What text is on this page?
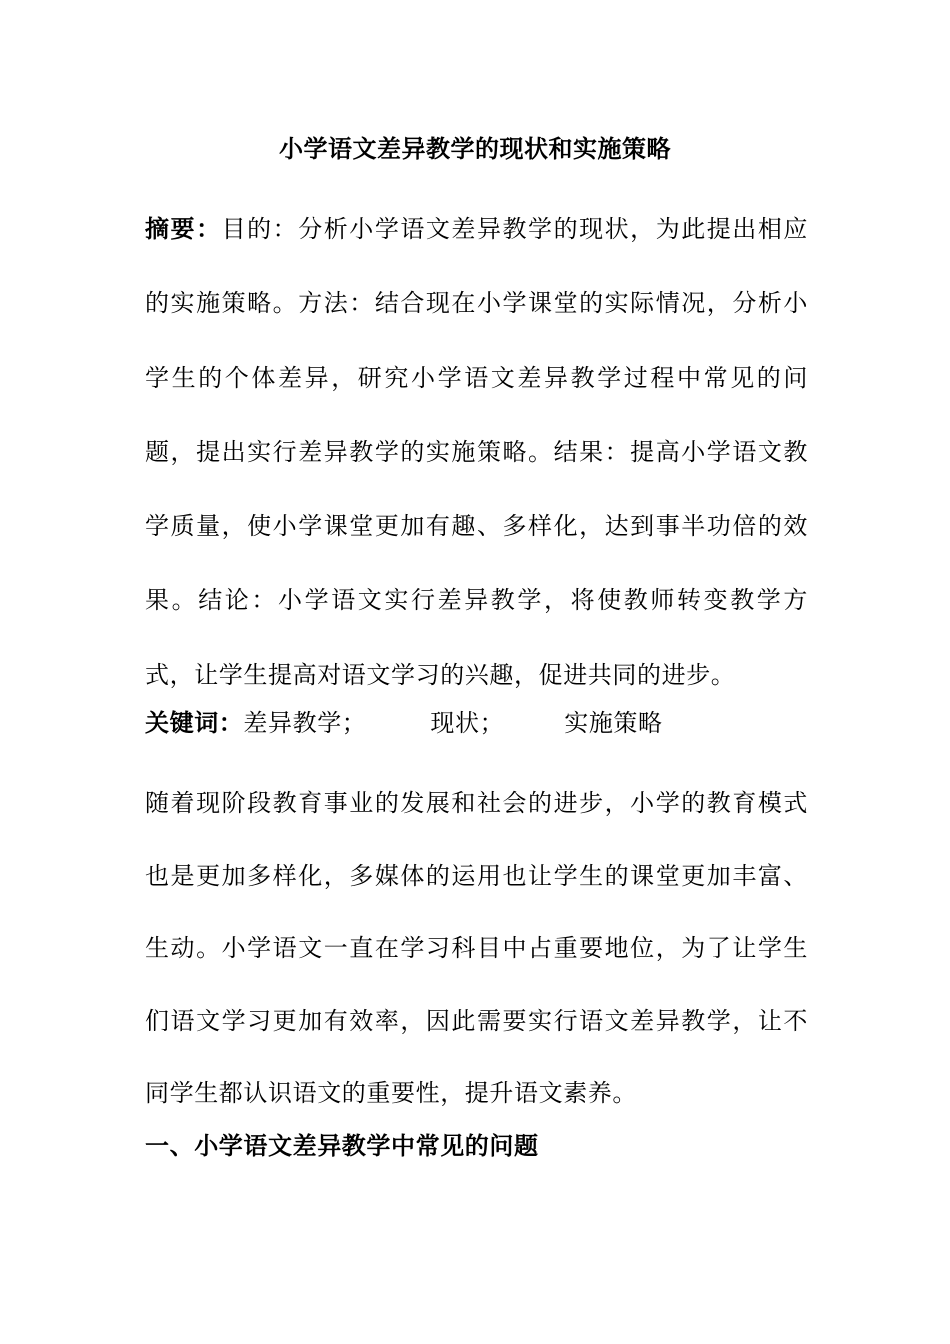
小学语文差异教学的现状和实施策略
摘要：目的：分析小学语文差异教学的现状，为此提出相应的实施策略。方法：结合现在小学课堂的实际情况，分析小学生的个体差异，研究小学语文差异教学过程中常见的问题，提出实行差异教学的实施策略。结果：提高小学语文教学质量，使小学课堂更加有趣、多样化，达到事半功倍的效果。结论：小学语文实行差异教学，将使教师转变教学方式，让学生提高对语文学习的兴趣，促进共同的进步。
关键词：差异教学；	现状；	实施策略
随着现阶段教育事业的发展和社会的进步，小学的教育模式也是更加多样化，多媒体的运用也让学生的课堂更加丰富、生动。小学语文一直在学习科目中占重要地位，为了让学生们语文学习更加有效率，因此需要实行语文差异教学，让不同学生都认识语文的重要性，提升语文素养。
一、小学语文差异教学中常见的问题
